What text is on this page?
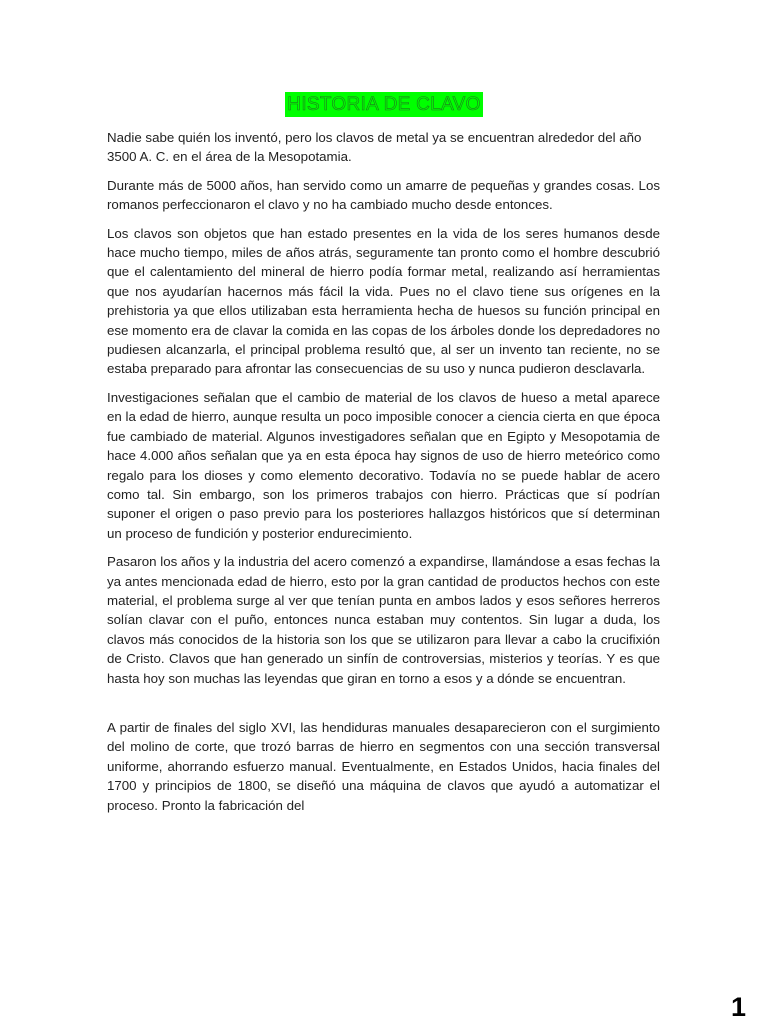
HISTORIA DE CLAVO

Nadie sabe quién los inventó, pero los clavos de metal ya se encuentran alrededor del año 3500 A. C. en el área de la Mesopotamia.

Durante más de 5000 años, han servido como un amarre de pequeñas y grandes cosas. Los romanos perfeccionaron el clavo y no ha cambiado mucho desde entonces.

Los clavos son objetos que han estado presentes en la vida de los seres humanos desde hace mucho tiempo, miles de años atrás, seguramente tan pronto como el hombre descubrió que el calentamiento del mineral de hierro podía formar metal, realizando así herramientas que nos ayudarían hacernos más fácil la vida. Pues no el clavo tiene sus orígenes en la prehistoria ya que ellos utilizaban esta herramienta hecha de huesos su función principal en ese momento era de clavar la comida en las copas de los árboles donde los depredadores no pudiesen alcanzarla, el principal problema resultó que, al ser un invento tan reciente, no se estaba preparado para afrontar las consecuencias de su uso y nunca pudieron desclavarla.

Investigaciones señalan que el cambio de material de los clavos de hueso a metal aparece en la edad de hierro, aunque resulta un poco imposible conocer a ciencia cierta en que época fue cambiado de material. Algunos investigadores señalan que en Egipto y Mesopotamia de hace 4.000 años señalan que ya en esta época hay signos de uso de hierro meteórico como regalo para los dioses y como elemento decorativo. Todavía no se puede hablar de acero como tal. Sin embargo, son los primeros trabajos con hierro. Prácticas que sí podrían suponer el origen o paso previo para los posteriores hallazgos históricos que sí determinan un proceso de fundición y posterior endurecimiento.

Pasaron los años y la industria del acero comenzó a expandirse, llamándose a esas fechas la ya antes mencionada edad de hierro, esto por la gran cantidad de productos hechos con este material, el problema surge al ver que tenían punta en ambos lados y esos señores herreros solían clavar con el puño, entonces nunca estaban muy contentos. Sin lugar a duda, los clavos más conocidos de la historia son los que se utilizaron para llevar a cabo la crucifixión de Cristo. Clavos que han generado un sinfín de controversias, misterios y teorías. Y es que hasta hoy son muchas las leyendas que giran en torno a esos y a dónde se encuentran.

A partir de finales del siglo XVI, las hendiduras manuales desaparecieron con el surgimiento del molino de corte, que trozó barras de hierro en segmentos con una sección transversal uniforme, ahorrando esfuerzo manual. Eventualmente, en Estados Unidos, hacia finales del 1700 y principios de 1800, se diseñó una máquina de clavos que ayudó a automatizar el proceso. Pronto la fabricación del

1
